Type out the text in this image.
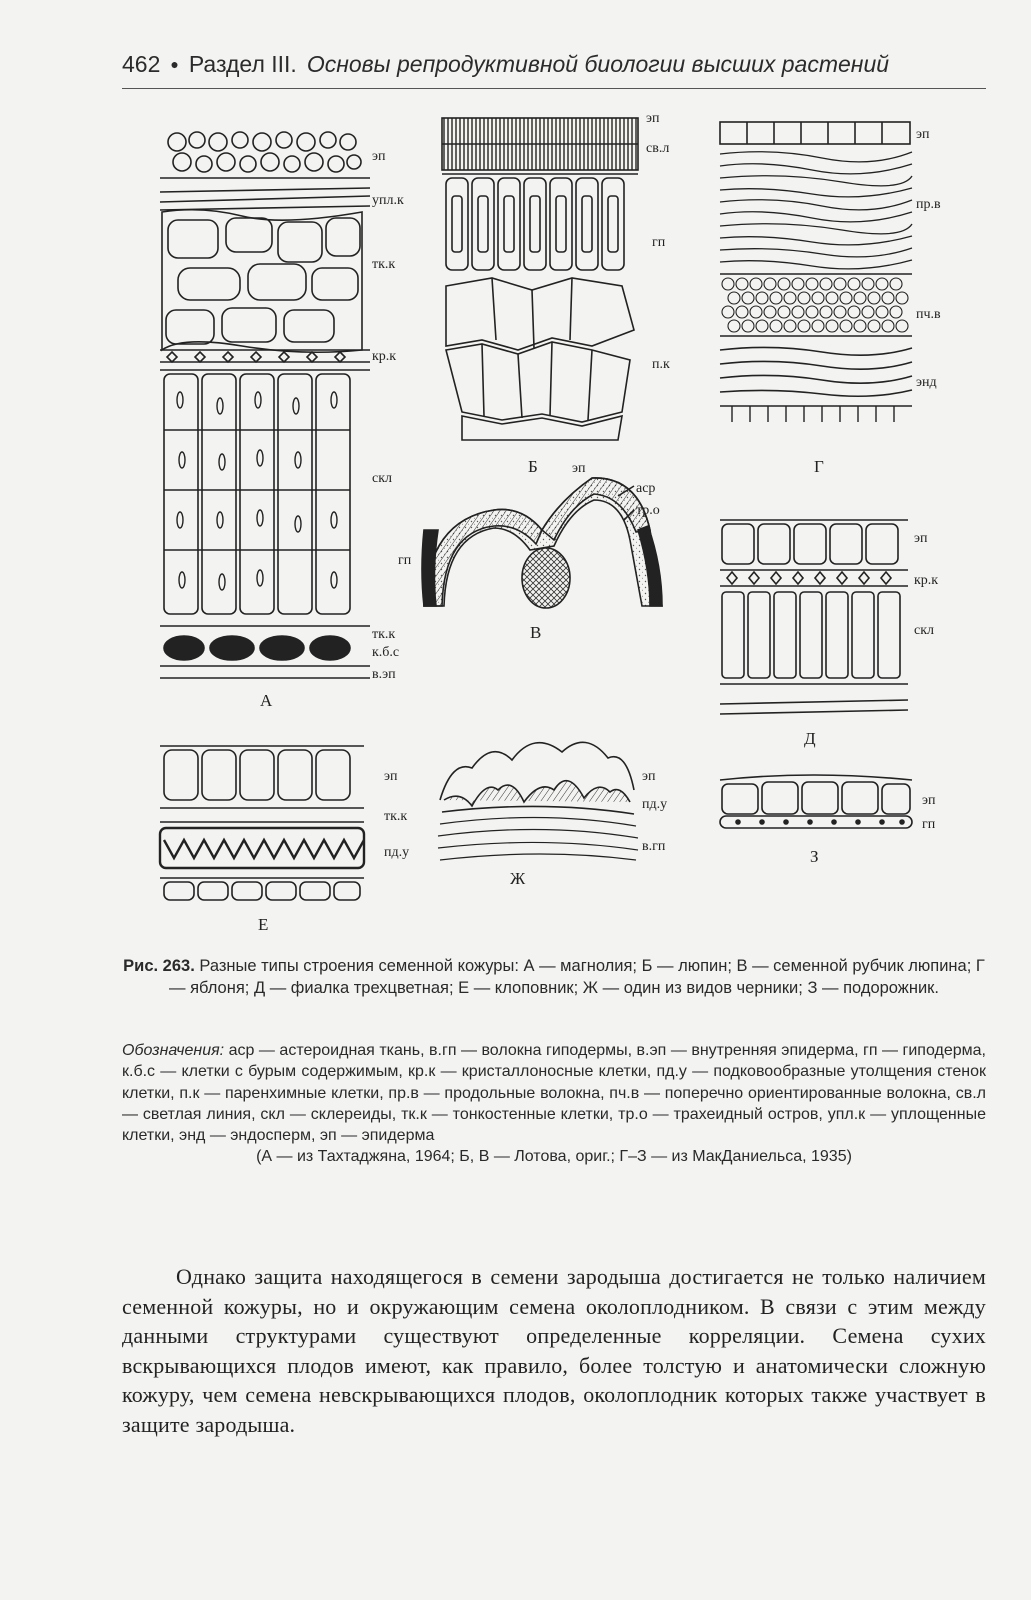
462 ● Раздел III. Основы репродуктивной биологии высших растений
эп
упл.к
тк.к
кр.к
скл
тк.к
к.б.с
в.эп
А
эп
св.л
гп
п.к
Б
эп
пр.в
пч.в
энд
Г
эп
аср
тр.о
гп
В
эп
кр.к
скл
Д
эп
тк.к
пд.у
Е
эп
пд.у
в.гп
Ж
эп
гп
З
Рис. 263. Разные типы строения семенной кожуры: А — магнолия; Б — люпин; В — семенной рубчик люпина; Г — яблоня; Д — фиалка трехцветная; Е — клоповник; Ж — один из видов черники; З — подорожник.
Обозначения: аср — астероидная ткань, в.гп — волокна гиподермы, в.эп — внутренняя эпидерма, гп — гиподерма, к.б.с — клетки с бурым содержимым, кр.к — кристаллоносные клетки, пд.у — подковообразные утолщения стенок клетки, п.к — паренхимные клетки, пр.в — продольные волокна, пч.в — поперечно ориентированные волокна, св.л — светлая линия, скл — склереиды, тк.к — тонкостенные клетки, тр.о — трахеидный остров, упл.к — уплощенные клетки, энд — эндосперм, эп — эпидерма
(А — из Тахтаджяна, 1964; Б, В — Лотова, ориг.; Г–З — из МакДаниельса, 1935)
Однако защита находящегося в семени зародыша достигается не только наличием семенной кожуры, но и окружающим семена околоплодником. В связи с этим между данными структурами существуют определенные корреляции. Семена сухих вскрывающихся плодов имеют, как правило, более толстую и анатомически сложную кожуру, чем семена невскрывающихся плодов, околоплодник которых также участвует в защите зародыша.
